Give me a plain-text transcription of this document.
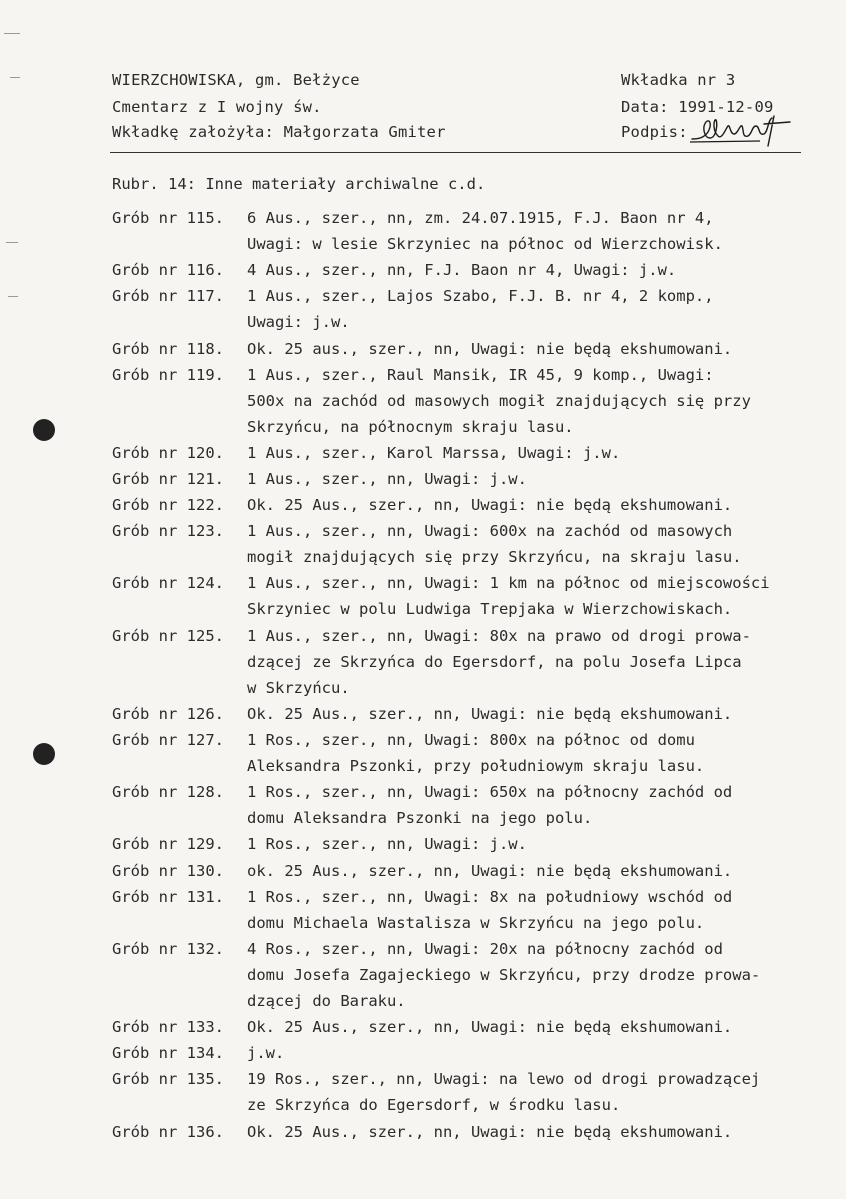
WIERZCHOWISKA, gm. Bełżyce
Cmentarz z I wojny św.
Wkładkę założyła: Małgorzata Gmiter
Wkładka nr 3
Data: 1991-12-09
Podpis:
Rubr. 14: Inne materiały archiwalne c.d.
Grób nr 115. 6 Aus., szer., nn, zm. 24.07.1915, F.J. Baon nr 4,
Uwagi: w lesie Skrzyniec na północ od Wierzchowisk.
Grób nr 116. 4 Aus., szer., nn, F.J. Baon nr 4, Uwagi: j.w.
Grób nr 117. 1 Aus., szer., Lajos Szabo, F.J. B. nr 4, 2 komp.,
Uwagi: j.w.
Grób nr 118. Ok. 25 aus., szer., nn, Uwagi: nie będą ekshumowani.
Grób nr 119. 1 Aus., szer., Raul Mansik, IR 45, 9 komp., Uwagi:
500x na zachód od masowych mogił znajdujących się przy
Skrzyńcu, na północnym skraju lasu.
Grób nr 120. 1 Aus., szer., Karol Marssa, Uwagi: j.w.
Grób nr 121. 1 Aus., szer., nn, Uwagi: j.w.
Grób nr 122. Ok. 25 Aus., szer., nn, Uwagi: nie będą ekshumowani.
Grób nr 123. 1 Aus., szer., nn, Uwagi: 600x na zachód od masowych
mogił znajdujących się przy Skrzyńcu, na skraju lasu.
Grób nr 124. 1 Aus., szer., nn, Uwagi: 1 km na północ od miejscowości
Skrzyniec w polu Ludwiga Trepjaka w Wierzchowiskach.
Grób nr 125. 1 Aus., szer., nn, Uwagi: 80x na prawo od drogi prowa-
dzącej ze Skrzyńca do Egersdorf, na polu Josefa Lipca
w Skrzyńcu.
Grób nr 126. Ok. 25 Aus., szer., nn, Uwagi: nie będą ekshumowani.
Grób nr 127. 1 Ros., szer., nn, Uwagi: 800x na północ od domu
Aleksandra Pszonki, przy południowym skraju lasu.
Grób nr 128. 1 Ros., szer., nn, Uwagi: 650x na północny zachód od
domu Aleksandra Pszonki na jego polu.
Grób nr 129. 1 Ros., szer., nn, Uwagi: j.w.
Grób nr 130. ok. 25 Aus., szer., nn, Uwagi: nie będą ekshumowani.
Grób nr 131. 1 Ros., szer., nn, Uwagi: 8x na południowy wschód od
domu Michaela Wastalisza w Skrzyńcu na jego polu.
Grób nr 132. 4 Ros., szer., nn, Uwagi: 20x na północny zachód od
domu Josefa Zagajeckiego w Skrzyńcu, przy drodze prowa-
dzącej do Baraku.
Grób nr 133. Ok. 25 Aus., szer., nn, Uwagi: nie będą ekshumowani.
Grób nr 134. j.w.
Grób nr 135. 19 Ros., szer., nn, Uwagi: na lewo od drogi prowadzącej
ze Skrzyńca do Egersdorf, w środku lasu.
Grób nr 136. Ok. 25 Aus., szer., nn, Uwagi: nie będą ekshumowani.
